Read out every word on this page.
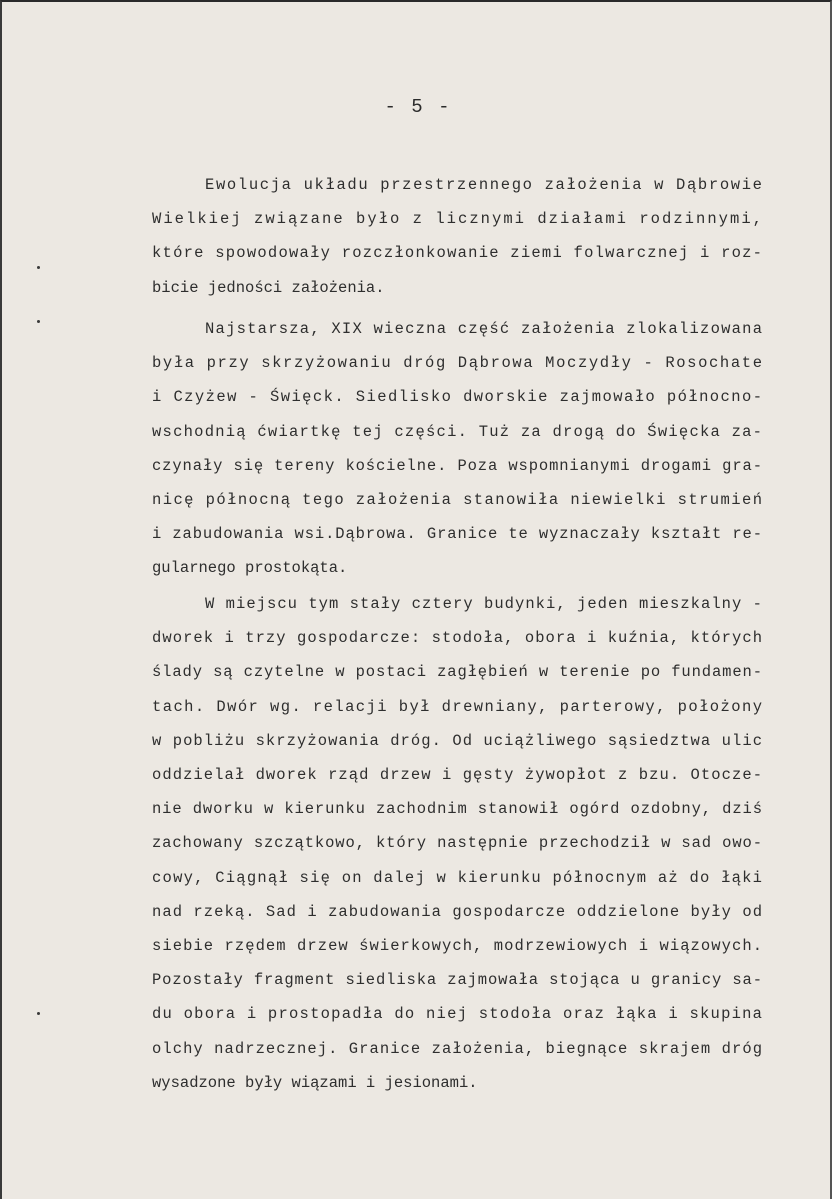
- 5 -
Ewolucja układu przestrzennego założenia w Dąbrowie
Wielkiej związane było z licznymi działami rodzinnymi,
które spowodowały rozczłonkowanie ziemi folwarcznej i roz-
bicie jedności założenia.
Najstarsza, XIX wieczna część założenia zlokalizowana
była przy skrzyżowaniu dróg Dąbrowa Moczydły - Rosochate
i Czyżew - Święck. Siedlisko dworskie zajmowało północno-
wschodnią ćwiartkę tej części. Tuż za drogą do Święcka za-
czynały się tereny kościelne. Poza wspomnianymi drogami gra-
nicę północną tego założenia stanowiła niewielki strumień
i zabudowania wsi.Dąbrowa. Granice te wyznaczały kształt re-
gularnego prostokąta.
W miejscu tym stały cztery budynki, jeden mieszkalny -
dworek i trzy gospodarcze: stodoła, obora i kuźnia, których
ślady są czytelne w postaci zagłębień w terenie po fundamen-
tach. Dwór wg. relacji był drewniany, parterowy, położony
w pobliżu skrzyżowania dróg. Od uciążliwego sąsiedztwa ulic
oddzielał dworek rząd drzew i gęsty żywopłot z bzu. Otocze-
nie dworku w kierunku zachodnim stanowił ogórd ozdobny, dziś
zachowany szczątkowo, który następnie przechodził w sad owo-
cowy, Ciągnął się on dalej w kierunku północnym aż do łąki
nad rzeką. Sad i zabudowania gospodarcze oddzielone były od
siebie rzędem drzew świerkowych, modrzewiowych i wiązowych.
Pozostały fragment siedliska zajmowała stojąca u granicy sa-
du obora i prostopadła do niej stodoła oraz łąka i skupina
olchy nadrzecznej. Granice założenia, biegnące skrajem dróg
wysadzone były wiązami i jesionami.
